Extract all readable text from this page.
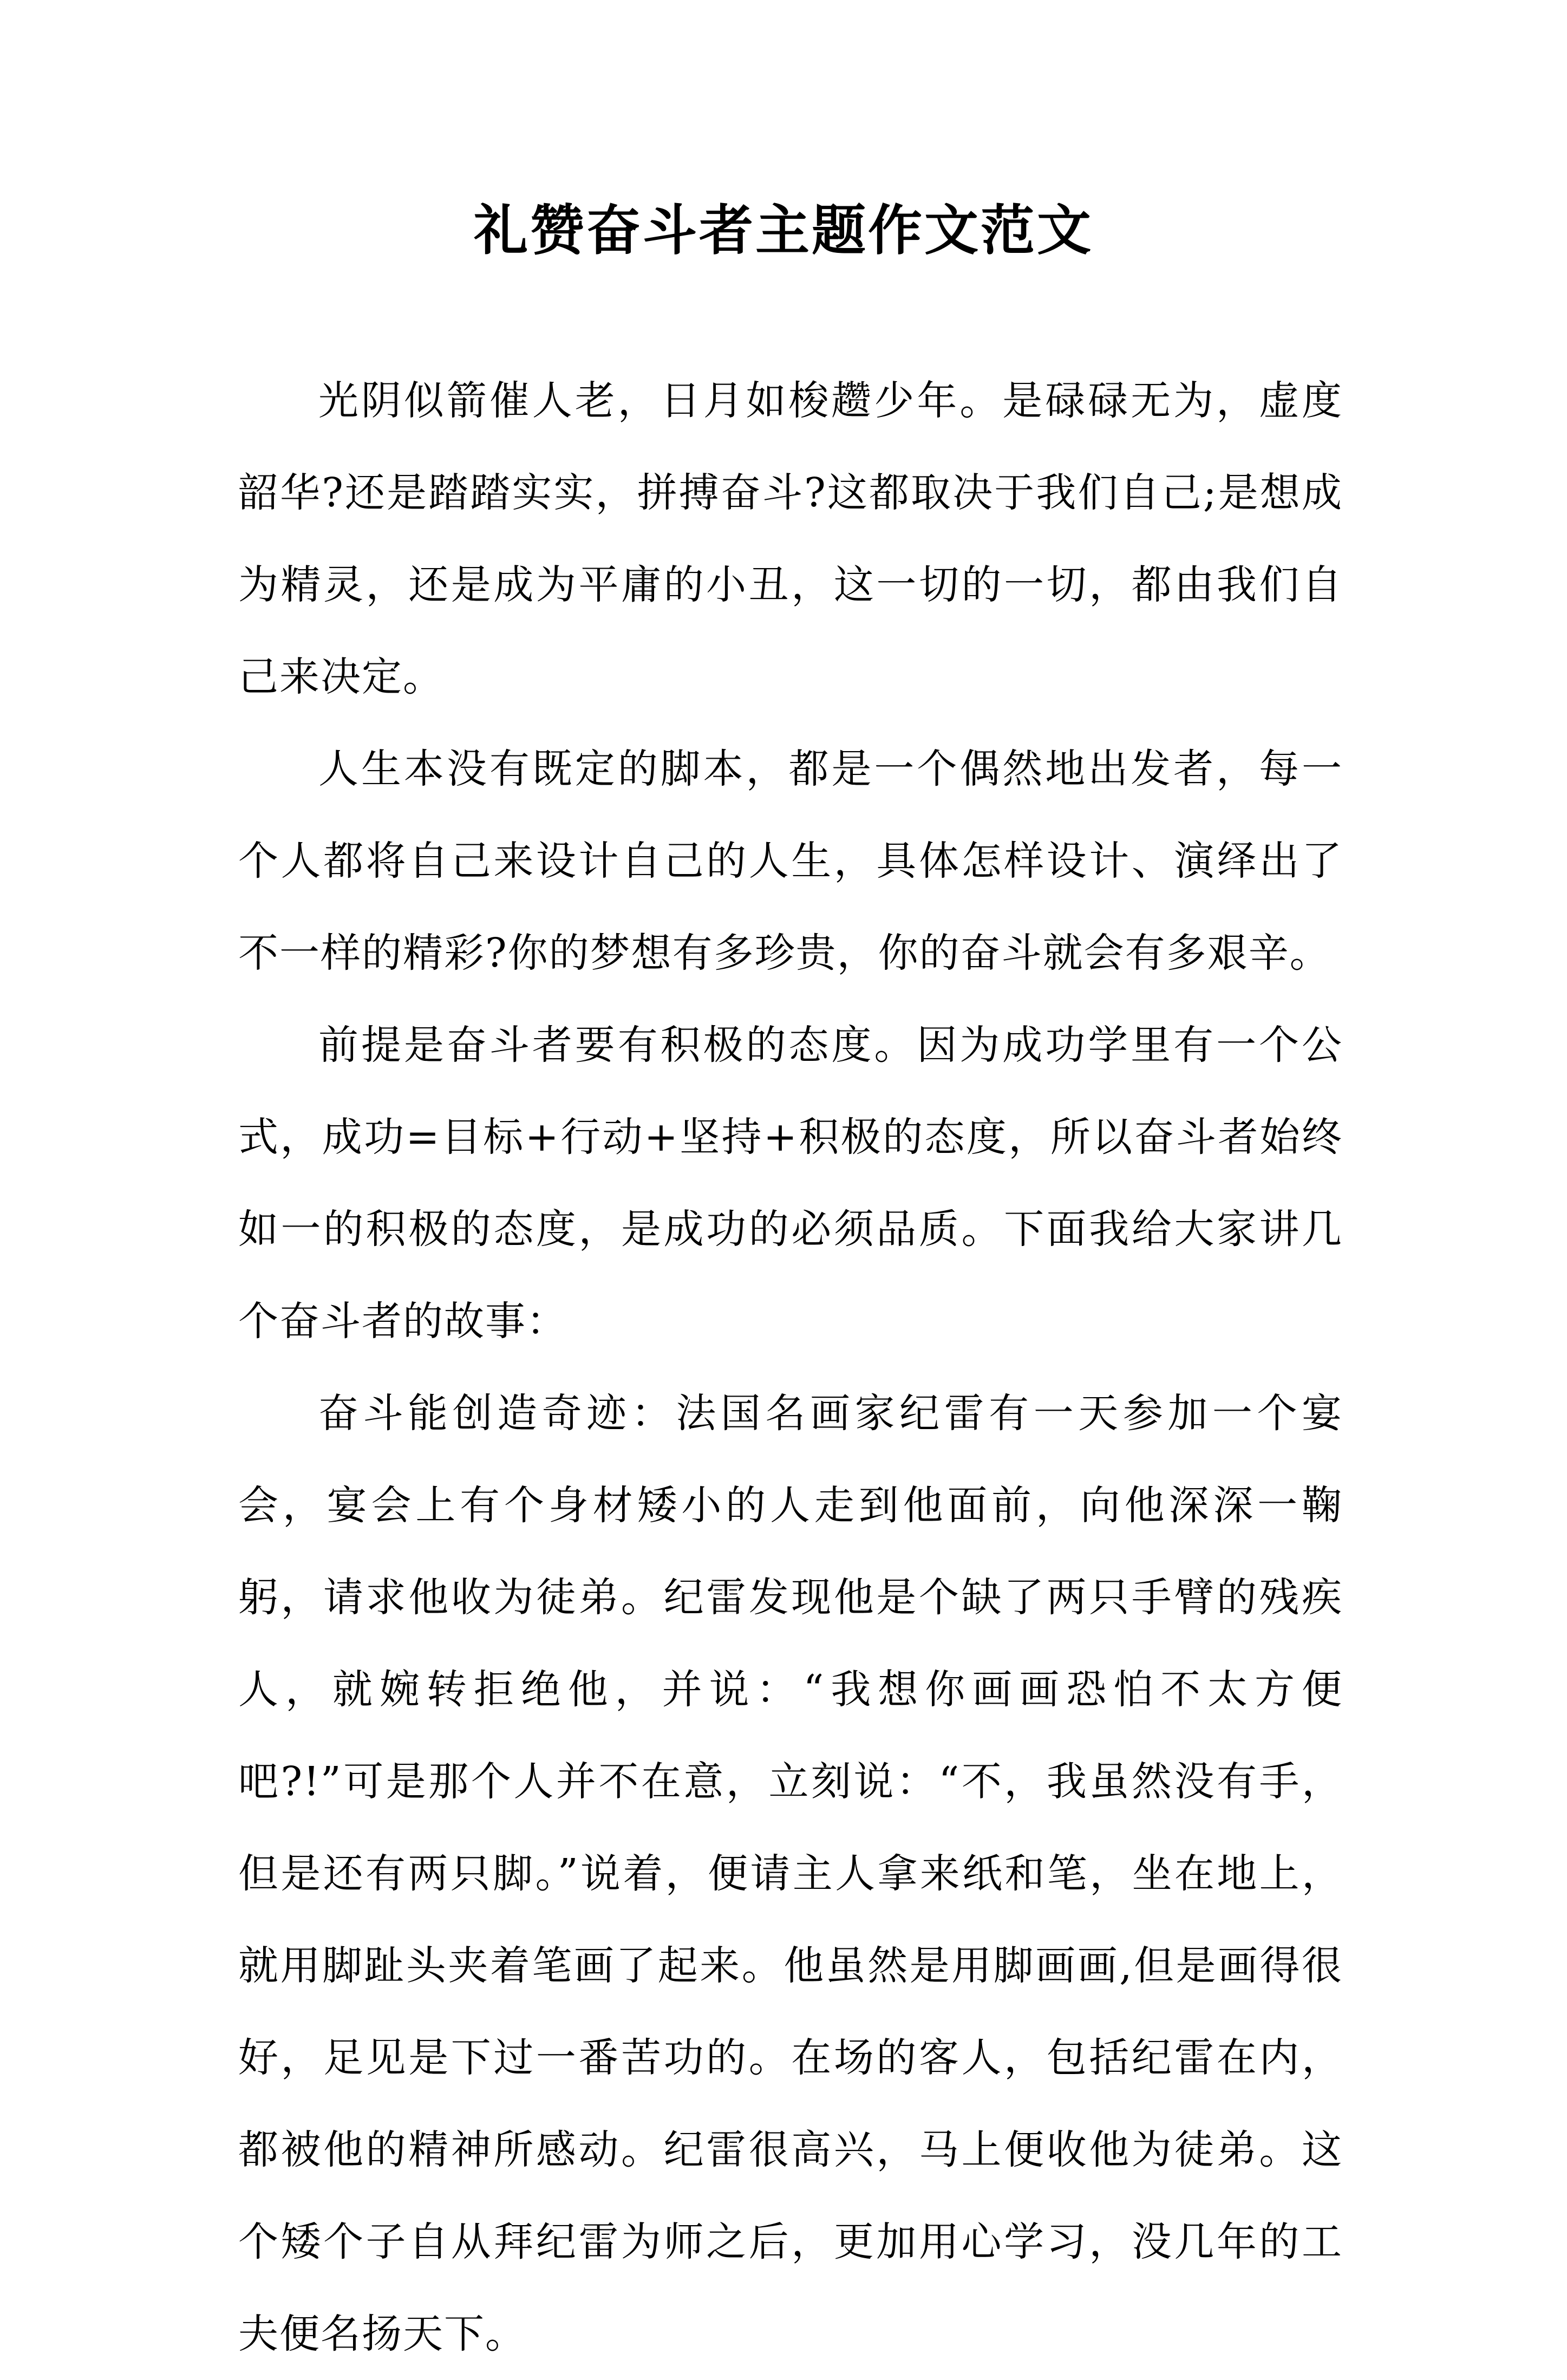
礼赞奋斗者主题作文范文

光阴似箭催人老，日月如梭趱少年。是碌碌无为，虚度韶华?还是踏踏实实，拼搏奋斗?这都取决于我们自己;是想成为精灵，还是成为平庸的小丑，这一切的一切，都由我们自己来决定。

人生本没有既定的脚本，都是一个偶然地出发者，每一个人都将自己来设计自己的人生，具体怎样设计、演绎出了不一样的精彩?你的梦想有多珍贵，你的奋斗就会有多艰辛。

前提是奋斗者要有积极的态度。因为成功学里有一个公式，成功=目标+行动+坚持+积极的态度，所以奋斗者始终如一的积极的态度，是成功的必须品质。下面我给大家讲几个奋斗者的故事：

奋斗能创造奇迹：法国名画家纪雷有一天参加一个宴会，宴会上有个身材矮小的人走到他面前，向他深深一鞠躬，请求他收为徒弟。纪雷发现他是个缺了两只手臂的残疾人，就婉转拒绝他，并说：“我想你画画恐怕不太方便吧?!”可是那个人并不在意，立刻说：“不，我虽然没有手，但是还有两只脚。”说着，便请主人拿来纸和笔，坐在地上，就用脚趾头夹着笔画了起来。他虽然是用脚画画,但是画得很好，足见是下过一番苦功的。在场的客人，包括纪雷在内，都被他的精神所感动。纪雷很高兴，马上便收他为徒弟。这个矮个子自从拜纪雷为师之后，更加用心学习，没几年的工夫便名扬天下。
